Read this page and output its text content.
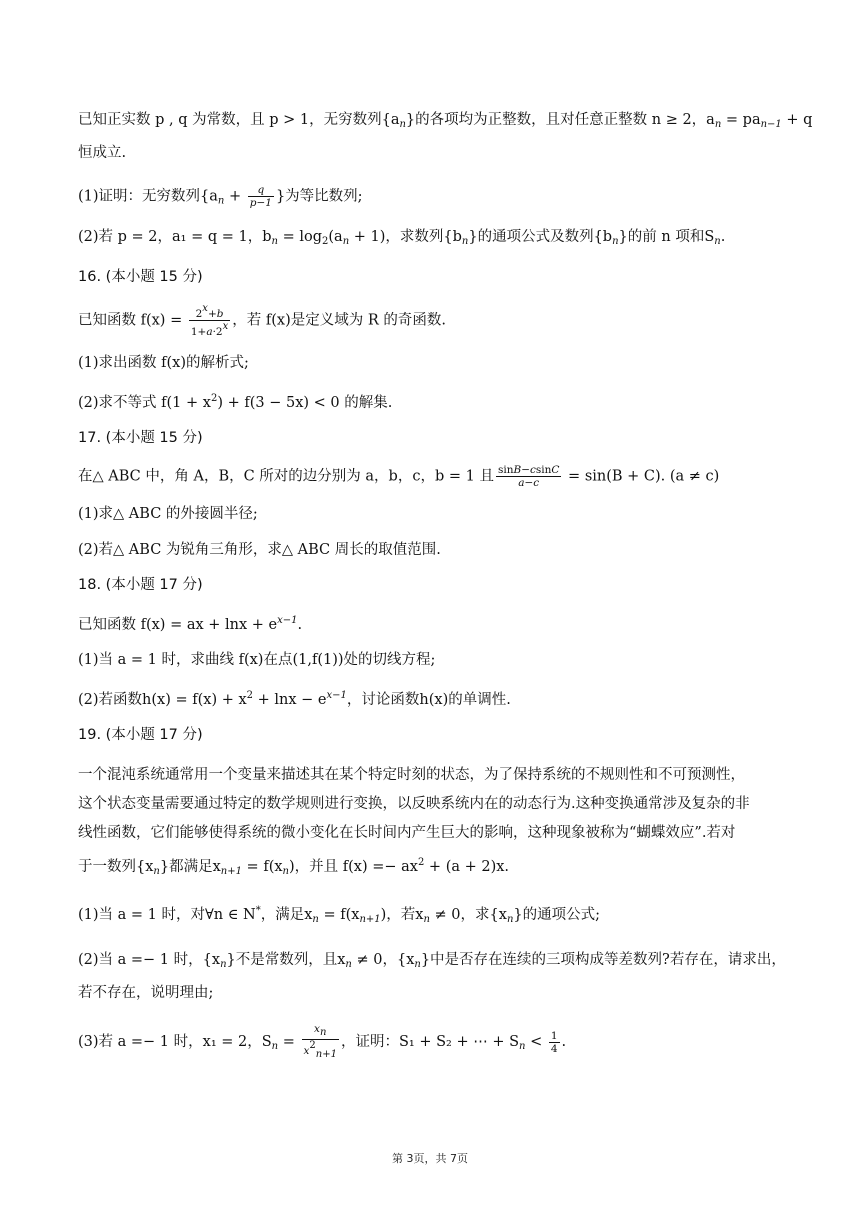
已知正实数 p , q 为常数，且 p > 1，无穷数列$\{a_n\}$的各项均为正整数，且对任意正整数 n ≥ 2，$a_n = pa_{n-1} + q$
恒成立.
(1)证明：无穷数列{$a_n + \frac{q}{p-1}$ }为等比数列;
(2)若 p = 2，a₁ = q = 1，$b_n = \log_2(a_n + 1)$，求数列$\{b_n\}$的通项公式及数列$\{b_n\}$的前 n 项和$S_n$.
16. (本小题 15 分)
已知函数 $f(x) = \frac{2^x+b}{1+a\cdot 2^x}$ ，若 f(x)是定义域为 R 的奇函数.
(1)求出函数 f(x)的解析式;
(2)求不等式 $f(1 + x^2) + f(3 - 5x) < 0$ 的解集.
17. (本小题 15 分)
在△ ABC 中，角 A，B，C 所对的边分别为 a，b，c，b = 1 且 $\frac{\sin B-csinC}{a-c} = \sin(B + C)$. (a ≠ c)
(1)求△ ABC 的外接圆半径;
(2)若△ ABC 为锐角三角形，求△ ABC 周长的取值范围.
18. (本小题 17 分)
已知函数 f(x) = ax + $\ln x + e^{x-1}$.
(1)当 a = 1 时，求曲线 f(x)在点(1,f(1))处的切线方程;
(2)若函数$h(x) = f(x) + x^2 + \ln x - e^{x-1}$，讨论函数h(x)的单调性.
19. (本小题 17 分)
一个混沌系统通常用一个变量来描述其在某个特定时刻的状态，为了保持系统的不规则性和不可预测性，
这个状态变量需要通过特定的数学规则进行变换，以反映系统内在的动态行为.这种变换通常涉及复杂的非
线性函数，它们能够使得系统的微小变化在长时间内产生巨大的影响，这种现象被称为“蝴蝶效应”.若对
于一数列$\{x_n\}$都满足$x_{n+1} = f(x_n)$，并且 $f(x) =- ax^2 + (a + 2)x$.
(1)当 a = 1 时，对∀n ∈ N*，满足$x_n = f(x_{n+1})$，若$x_n \ne 0$，求$\{x_n\}$的通项公式;
(2)当 a =− 1 时，$\{x_n\}$不是常数列，且$x_n \ne 0$，$\{x_n\}$中是否存在连续的三项构成等差数列?若存在，请求出，
若不存在，说明理由;
(3)若 a =− 1 时，x₁ = 2，$S_n = \frac{x_n}{x^2_{n+1}}$ ，证明：S₁ + S₂ + ⋯ + $S_n < \frac{1}{4}$ .
第 3页，共 7页
